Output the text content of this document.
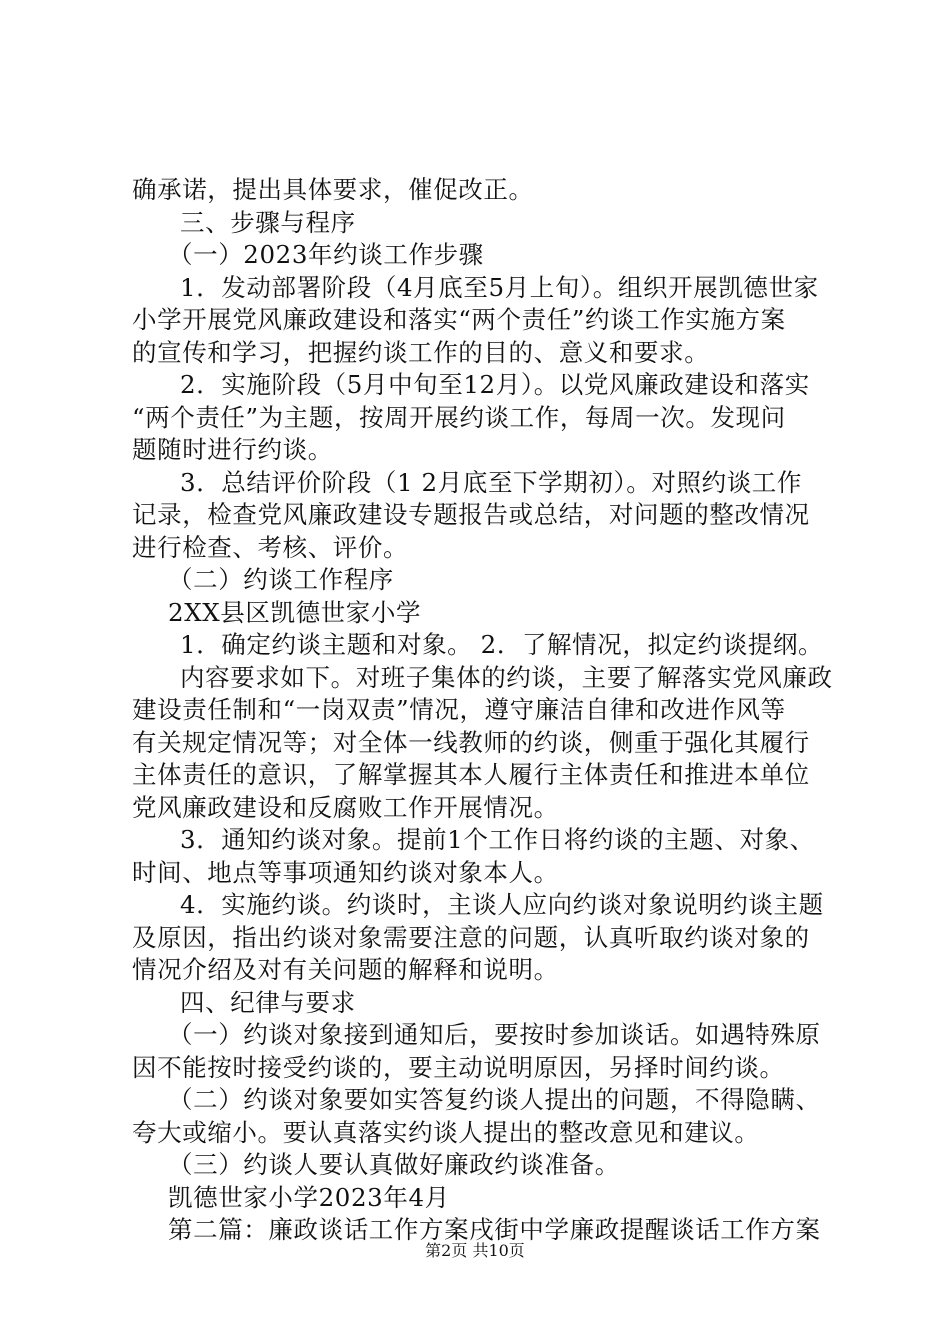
确承诺，提出具体要求，催促改正。
三、步骤与程序
（一）2023年约谈工作步骤
1．发动部署阶段（4月底至5月上旬）。组织开展凯德世家
小学开展党风廉政建设和落实“两个责任”约谈工作实施方案
的宣传和学习，把握约谈工作的目的、意义和要求。
2．实施阶段（5月中旬至12月）。以党风廉政建设和落实
“两个责任”为主题，按周开展约谈工作，每周一次。发现问
题随时进行约谈。
3．总结评价阶段（1 2月底至下学期初）。对照约谈工作
记录，检查党风廉政建设专题报告或总结，对问题的整改情况
进行检查、考核、评价。
（二）约谈工作程序
2XX县区凯德世家小学
1．确定约谈主题和对象。 2．了解情况，拟定约谈提纲。
内容要求如下。对班子集体的约谈，主要了解落实党风廉政
建设责任制和“一岗双责”情况，遵守廉洁自律和改进作风等
有关规定情况等；对全体一线教师的约谈，侧重于强化其履行
主体责任的意识，了解掌握其本人履行主体责任和推进本单位
党风廉政建设和反腐败工作开展情况。
3．通知约谈对象。提前1个工作日将约谈的主题、对象、
时间、地点等事项通知约谈对象本人。
4．实施约谈。约谈时，主谈人应向约谈对象说明约谈主题
及原因，指出约谈对象需要注意的问题，认真听取约谈对象的
情况介绍及对有关问题的解释和说明。
四、纪律与要求
（一）约谈对象接到通知后，要按时参加谈话。如遇特殊原
因不能按时接受约谈的，要主动说明原因，另择时间约谈。
（二）约谈对象要如实答复约谈人提出的问题，不得隐瞒、
夸大或缩小。要认真落实约谈人提出的整改意见和建议。
（三）约谈人要认真做好廉政约谈准备。
凯德世家小学2023年4月
第二篇：廉政谈话工作方案戌街中学廉政提醒谈话工作方案
第2页 共10页
